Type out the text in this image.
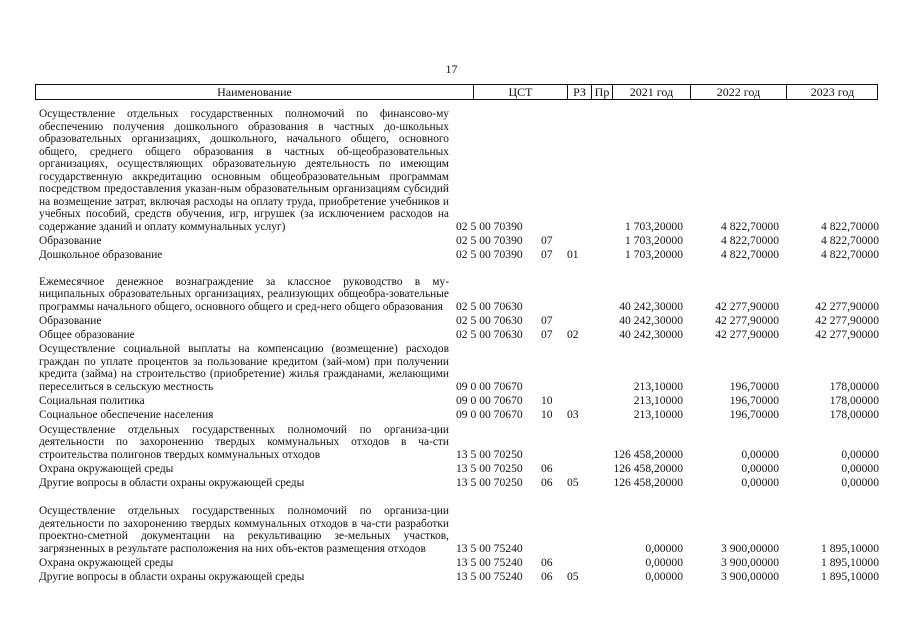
17
Наименование	ЦСТ	РЗ Пр	2021 год	2022 год	2023 год
Осуществление отдельных государственных полномочий по финансово-му обеспечению получения дошкольного образования в частных до-школьных образовательных организациях, дошкольного, начального общего, основного общего, среднего общего образования в частных об-щеобразовательных организациях, осуществляющих образовательную деятельность по имеющим государственную аккредитацию основным общеобразовательным программам посредством предоставления указан-ным образовательным организациям субсидий на возмещение затрат, включая расходы на оплату труда, приобретение учебников и учебных пособий, средств обучения, игр, игрушек (за исключением расходов на содержание зданий и оплату коммунальных услуг)	02 5 00 70390	1 703,20000	4 822,70000	4 822,70000
Образование	02 5 00 70390 07	1 703,20000	4 822,70000	4 822,70000
Дошкольное образование	02 5 00 70390 07 01	1 703,20000	4 822,70000	4 822,70000
Ежемесячное денежное вознаграждение за классное руководство в му-ниципальных образовательных организациях, реализующих общеобра-зовательные программы начального общего, основного общего и сред-него общего образования	02 5 00 70630	40 242,30000	42 277,90000	42 277,90000
Образование	02 5 00 70630 07	40 242,30000	42 277,90000	42 277,90000
Общее образование	02 5 00 70630 07 02	40 242,30000	42 277,90000	42 277,90000
Осуществление социальной выплаты на компенсацию (возмещение) расходов граждан по уплате процентов за пользование кредитом (зай-мом) при получении кредита (займа) на строительство (приобретение) жилья гражданами, желающими переселиться в сельскую местность	09 0 00 70670	213,10000	196,70000	178,00000
Социальная политика	09 0 00 70670 10	213,10000	196,70000	178,00000
Социальное обеспечение населения	09 0 00 70670 10 03	213,10000	196,70000	178,00000
Осуществление отдельных государственных полномочий по организа-ции деятельности по захоронению твердых коммунальных отходов в ча-сти строительства полигонов твердых коммунальных отходов	13 5 00 70250	126 458,20000	0,00000	0,00000
Охрана окружающей среды	13 5 00 70250 06	126 458,20000	0,00000	0,00000
Другие вопросы в области охраны окружающей среды	13 5 00 70250 06 05	126 458,20000	0,00000	0,00000
Осуществление отдельных государственных полномочий по организа-ции деятельности по захоронению твердых коммунальных отходов в ча-сти разработки проектно-сметной документации на рекультивацию зе-мельных участков, загрязненных в результате расположения на них объ-ектов размещения отходов	13 5 00 75240	0,00000	3 900,00000	1 895,10000
Охрана окружающей среды	13 5 00 75240 06	0,00000	3 900,00000	1 895,10000
Другие вопросы в области охраны окружающей среды	13 5 00 75240 06 05	0,00000	3 900,00000	1 895,10000
